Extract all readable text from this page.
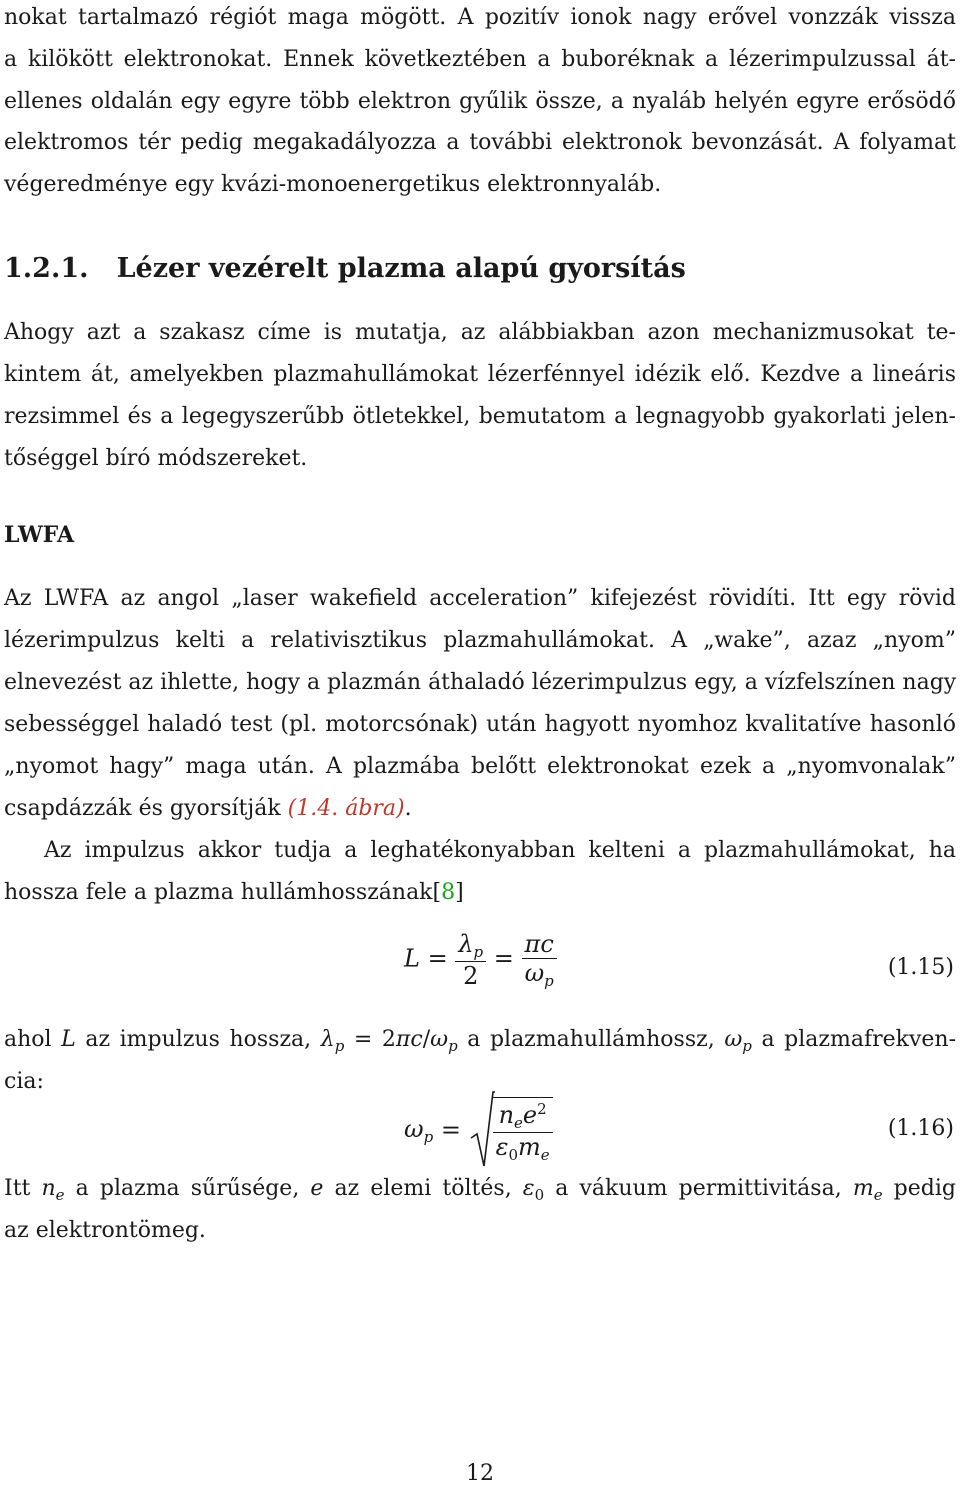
nokat tartalmazó régiót maga mögött. A pozitív ionok nagy erővel vonzzák vissza
a kilökött elektronokat. Ennek következtében a buboréknak a lézerimpulzussal át-
ellenes oldalán egy egyre több elektron gyűlik össze, a nyaláb helyén egyre erősödő
elektromos tér pedig megakadályozza a további elektronok bevonzását. A folyamat
végeredménye egy kvázi-monoenergetikus elektronnyaláb.
1.2.1. Lézer vezérelt plazma alapú gyorsítás
Ahogy azt a szakasz címe is mutatja, az alábbiakban azon mechanizmusokat te-
kintem át, amelyekben plazmahullámokat lézerfénnyel idézik elő. Kezdve a lineáris
rezsimmel és a legegyszerűbb ötletekkel, bemutatom a legnagyobb gyakorlati jelen-
tőséggel bíró módszereket.
LWFA
Az LWFA az angol „laser wakefield acceleration” kifejezést rövidíti. Itt egy rövid
lézerimpulzus kelti a relativisztikus plazmahullámokat. A „wake”, azaz „nyom”
elnevezést az ihlette, hogy a plazmán áthaladó lézerimpulzus egy, a vízfelszínen nagy
sebességgel haladó test (pl. motorcsónak) után hagyott nyomhoz kvalitatíve hasonló
„nyomot hagy” maga után. A plazmába belőtt elektronokat ezek a „nyomvonalak”
csapdázzák és gyorsítják (1.4. ábra).
Az impulzus akkor tudja a leghatékonyabban kelteni a plazmahullámokat, ha
hossza fele a plazma hullámhosszának[8]
$L = \frac{\lambda_p}{2} = \frac{\pi c}{\omega_p}$	(1.15)
ahol L az impulzus hossza, $\lambda_p = 2\pi c/\omega_p$ a plazmahullámhossz, $\omega_p$ a plazmafrekven-
cia:
$\omega_p = \frac{n_ee^2}{\varepsilon_0m_e}$	(1.16)
Itt $n_e$ a plazma sűrűsége, e az elemi töltés, $\varepsilon_0$ a vákuum permittivitása, $m_e$ pedig
az elektrontömeg.
12
